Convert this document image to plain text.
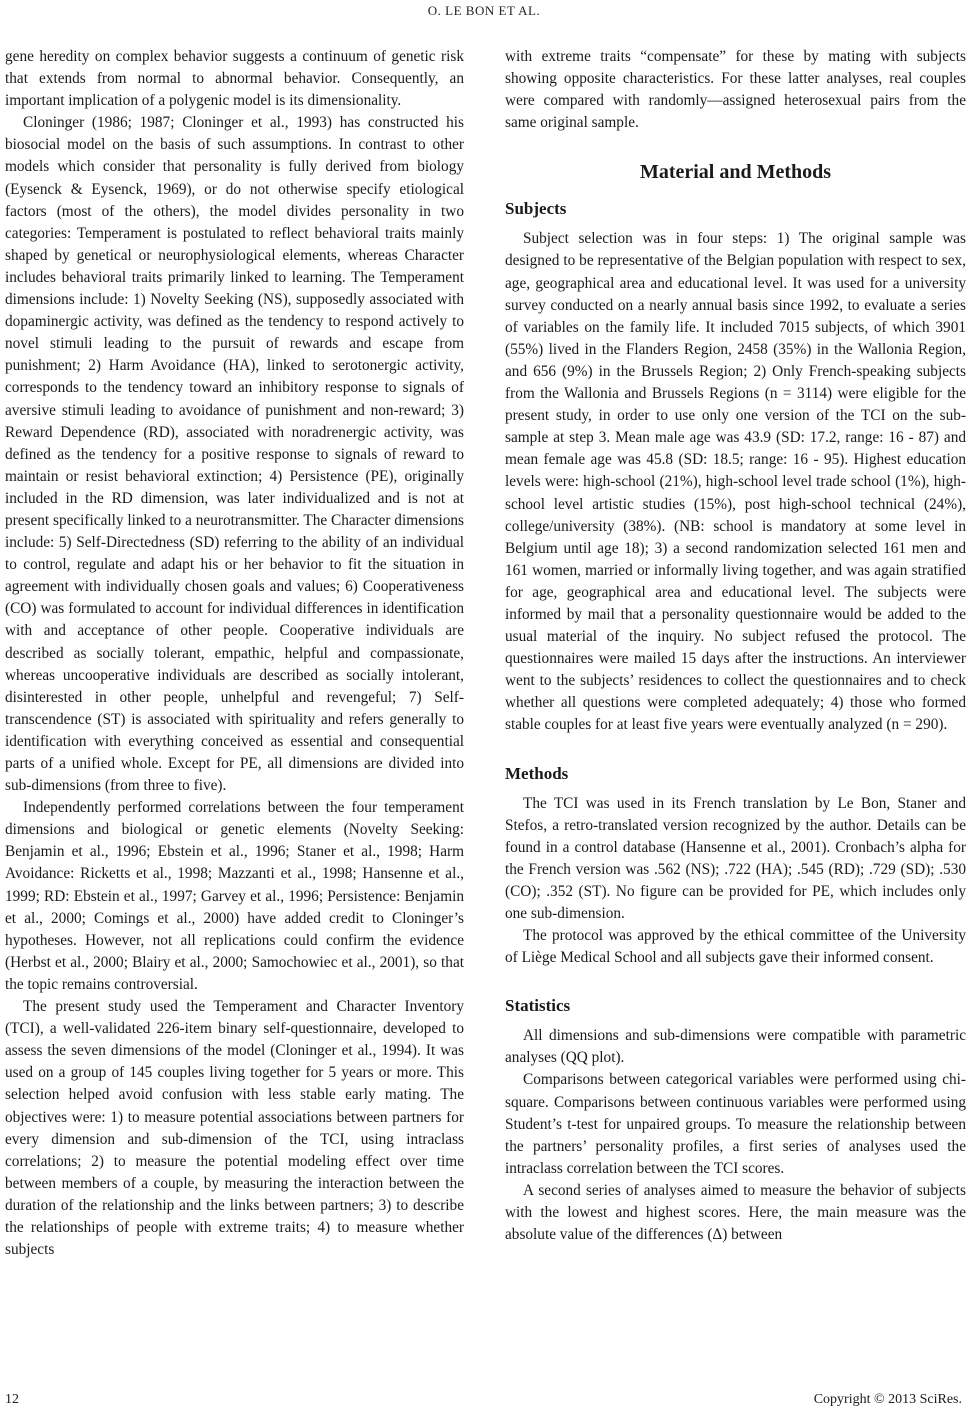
O. LE BON ET AL.

gene heredity on complex behavior suggests a continuum of genetic risk that extends from normal to abnormal behavior. Consequently, an important implication of a polygenic model is its dimensionality.

Cloninger (1986; 1987; Cloninger et al., 1993) has constructed his biosocial model on the basis of such assumptions. In contrast to other models which consider that personality is fully derived from biology (Eysenck & Eysenck, 1969), or do not otherwise specify etiological factors (most of the others), the model divides personality in two categories: Temperament is postulated to reflect behavioral traits mainly shaped by genetical or neurophysiological elements, whereas Character includes behavioral traits primarily linked to learning. The Temperament dimensions include: 1) Novelty Seeking (NS), supposedly associated with dopaminergic activity, was defined as the tendency to respond actively to novel stimuli leading to the pursuit of rewards and escape from punishment; 2) Harm Avoidance (HA), linked to serotonergic activity, corresponds to the tendency toward an inhibitory response to signals of aversive stimuli leading to avoidance of punishment and non-reward; 3) Reward Dependence (RD), associated with noradrenergic activity, was defined as the tendency for a positive response to signals of reward to maintain or resist behavioral extinction; 4) Persistence (PE), originally included in the RD dimension, was later individualized and is not at present specifically linked to a neurotransmitter. The Character dimensions include: 5) Self-Directedness (SD) referring to the ability of an individual to control, regulate and adapt his or her behavior to fit the situation in agreement with individually chosen goals and values; 6) Cooperativeness (CO) was formulated to account for individual differences in identification with and acceptance of other people. Cooperative individuals are described as socially tolerant, empathic, helpful and compassionate, whereas uncooperative individuals are described as socially intolerant, disinterested in other people, unhelpful and revengeful; 7) Self-transcendence (ST) is associated with spirituality and refers generally to identification with everything conceived as essential and consequential parts of a unified whole. Except for PE, all dimensions are divided into sub-dimensions (from three to five).

Independently performed correlations between the four temperament dimensions and biological or genetic elements (Novelty Seeking: Benjamin et al., 1996; Ebstein et al., 1996; Staner et al., 1998; Harm Avoidance: Ricketts et al., 1998; Mazzanti et al., 1998; Hansenne et al., 1999; RD: Ebstein et al., 1997; Garvey et al., 1996; Persistence: Benjamin et al., 2000; Comings et al., 2000) have added credit to Cloninger’s hypotheses. However, not all replications could confirm the evidence (Herbst et al., 2000; Blairy et al., 2000; Samochowiec et al., 2001), so that the topic remains controversial.

The present study used the Temperament and Character Inventory (TCI), a well-validated 226-item binary self-questionnaire, developed to assess the seven dimensions of the model (Cloninger et al., 1994). It was used on a group of 145 couples living together for 5 years or more. This selection helped avoid confusion with less stable early mating. The objectives were: 1) to measure potential associations between partners for every dimension and sub-dimension of the TCI, using intraclass correlations; 2) to measure the potential modeling effect over time between members of a couple, by measuring the interaction between the duration of the relationship and the links between partners; 3) to describe the relationships of people with extreme traits; 4) to measure whether subjects

with extreme traits “compensate” for these by mating with subjects showing opposite characteristics. For these latter analyses, real couples were compared with randomly—assigned heterosexual pairs from the same original sample.

Material and Methods
Subjects

Subject selection was in four steps: 1) The original sample was designed to be representative of the Belgian population with respect to sex, age, geographical area and educational level. It was used for a university survey conducted on a nearly annual basis since 1992, to evaluate a series of variables on the family life. It included 7015 subjects, of which 3901 (55%) lived in the Flanders Region, 2458 (35%) in the Wallonia Region, and 656 (9%) in the Brussels Region; 2) Only French-speaking subjects from the Wallonia and Brussels Regions (n = 3114) were eligible for the present study, in order to use only one version of the TCI on the sub-sample at step 3. Mean male age was 43.9 (SD: 17.2, range: 16 - 87) and mean female age was 45.8 (SD: 18.5; range: 16 - 95). Highest education levels were: high-school (21%), high-school level trade school (1%), high-school level artistic studies (15%), post high-school technical (24%), college/university (38%). (NB: school is mandatory at some level in Belgium until age 18); 3) a second randomization selected 161 men and 161 women, married or informally living together, and was again stratified for age, geographical area and educational level. The subjects were informed by mail that a personality questionnaire would be added to the usual material of the inquiry. No subject refused the protocol. The questionnaires were mailed 15 days after the instructions. An interviewer went to the subjects’ residences to collect the questionnaires and to check whether all questions were completed adequately; 4) those who formed stable couples for at least five years were eventually analyzed (n = 290).

Methods

The TCI was used in its French translation by Le Bon, Staner and Stefos, a retro-translated version recognized by the author. Details can be found in a control database (Hansenne et al., 2001). Cronbach’s alpha for the French version was .562 (NS); .722 (HA); .545 (RD); .729 (SD); .530 (CO); .352 (ST). No figure can be provided for PE, which includes only one sub-dimension.

The protocol was approved by the ethical committee of the University of Liège Medical School and all subjects gave their informed consent.

Statistics

All dimensions and sub-dimensions were compatible with parametric analyses (QQ plot).

Comparisons between categorical variables were performed using chi-square. Comparisons between continuous variables were performed using Student’s t-test for unpaired groups. To measure the relationship between the partners’ personality profiles, a first series of analyses used the intraclass correlation between the TCI scores.

A second series of analyses aimed to measure the behavior of subjects with the lowest and highest scores. Here, the main measure was the absolute value of the differences (Δ) between

12	Copyright © 2013 SciRes.
